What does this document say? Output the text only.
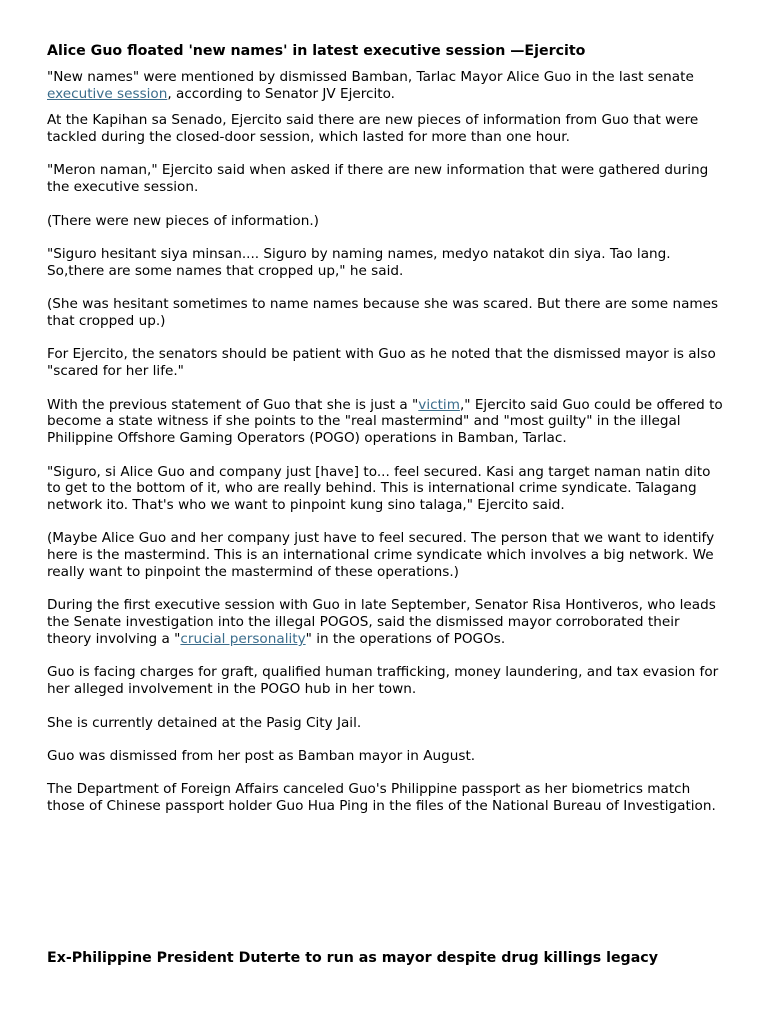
Alice Guo floated 'new names' in latest executive session —Ejercito

"New names" were mentioned by dismissed Bamban, Tarlac Mayor Alice Guo in the last senate executive session, according to Senator JV Ejercito.

At the Kapihan sa Senado, Ejercito said there are new pieces of information from Guo that were tackled during the closed-door session, which lasted for more than one hour.

"Meron naman," Ejercito said when asked if there are new information that were gathered during the executive session.

(There were new pieces of information.)

"Siguro hesitant siya minsan.... Siguro by naming names, medyo natakot din siya. Tao lang. So,there are some names that cropped up," he said.

(She was hesitant sometimes to name names because she was scared. But there are some names that cropped up.)

For Ejercito, the senators should be patient with Guo as he noted that the dismissed mayor is also "scared for her life."

With the previous statement of Guo that she is just a "victim," Ejercito said Guo could be offered to become a state witness if she points to the "real mastermind" and "most guilty" in the illegal Philippine Offshore Gaming Operators (POGO) operations in Bamban, Tarlac.

"Siguro, si Alice Guo and company just [have] to... feel secured. Kasi ang target naman natin dito to get to the bottom of it, who are really behind. This is international crime syndicate. Talagang network ito. That's who we want to pinpoint kung sino talaga," Ejercito said.

(Maybe Alice Guo and her company just have to feel secured. The person that we want to identify here is the mastermind. This is an international crime syndicate which involves a big network. We really want to pinpoint the mastermind of these operations.)

During the first executive session with Guo in late September, Senator Risa Hontiveros, who leads the Senate investigation into the illegal POGOS, said the dismissed mayor corroborated their theory involving a "crucial personality" in the operations of POGOs.

Guo is facing charges for graft, qualified human trafficking, money laundering, and tax evasion for her alleged involvement in the POGO hub in her town.

She is currently detained at the Pasig City Jail.

Guo was dismissed from her post as Bamban mayor in August.

The Department of Foreign Affairs canceled Guo's Philippine passport as her biometrics match those of Chinese passport holder Guo Hua Ping in the files of the National Bureau of Investigation.

Ex-Philippine President Duterte to run as mayor despite drug killings legacy
